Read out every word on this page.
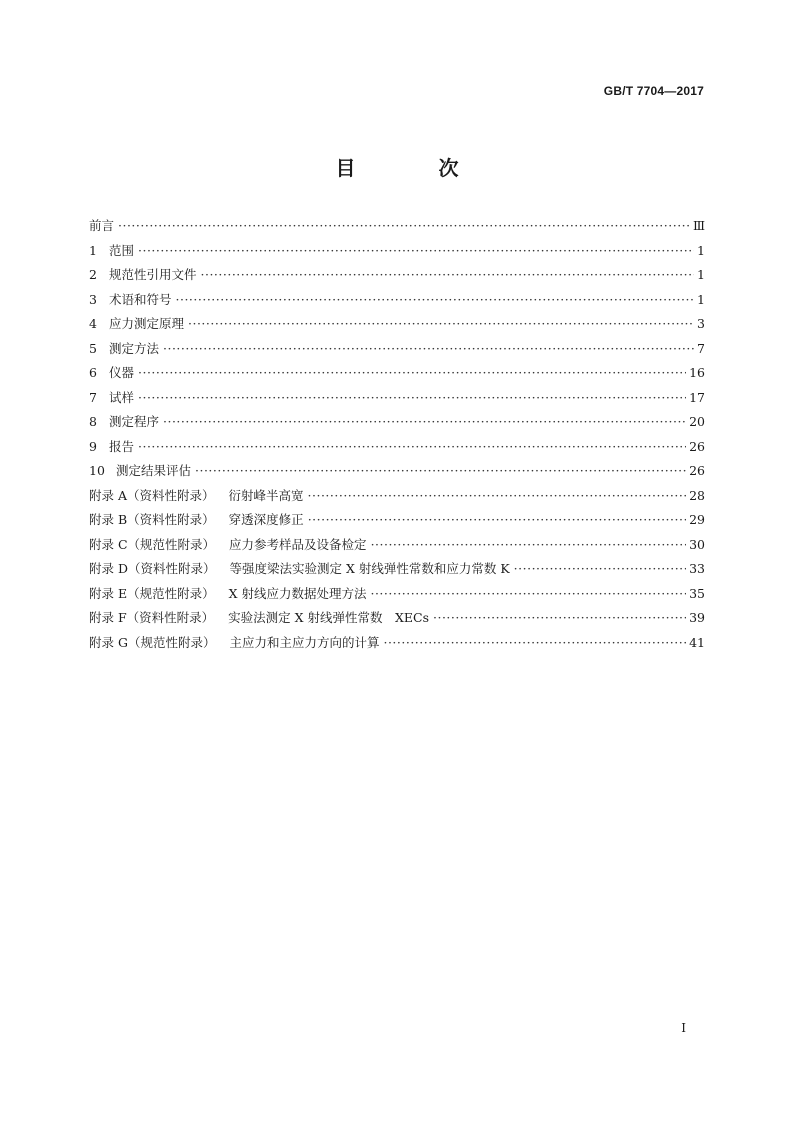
GB/T 7704—2017
目 次
前言 ·····	Ⅲ
1 范围 ·····	1
2 规范性引用文件 ·····	1
3 术语和符号 ·····	1
4 应力测定原理 ·····	3
5 测定方法 ·····	7
6 仪器 ·····	16
7 试样 ·····	17
8 测定程序 ·····	20
9 报告 ·····	26
10 测定结果评估 ·····	26
附录 A（资料性附录） 衍射峰半高宽 ·····	28
附录 B（资料性附录） 穿透深度修正 ·····	29
附录 C（规范性附录） 应力参考样品及设备检定 ·····	30
附录 D（资料性附录） 等强度梁法实验测定 X 射线弹性常数和应力常数 K ·····	33
附录 E（规范性附录） X 射线应力数据处理方法 ·····	35
附录 F（资料性附录） 实验法测定 X 射线弹性常数　XECs ·····	39
附录 G（规范性附录） 主应力和主应力方向的计算 ·····	41
Ⅰ
